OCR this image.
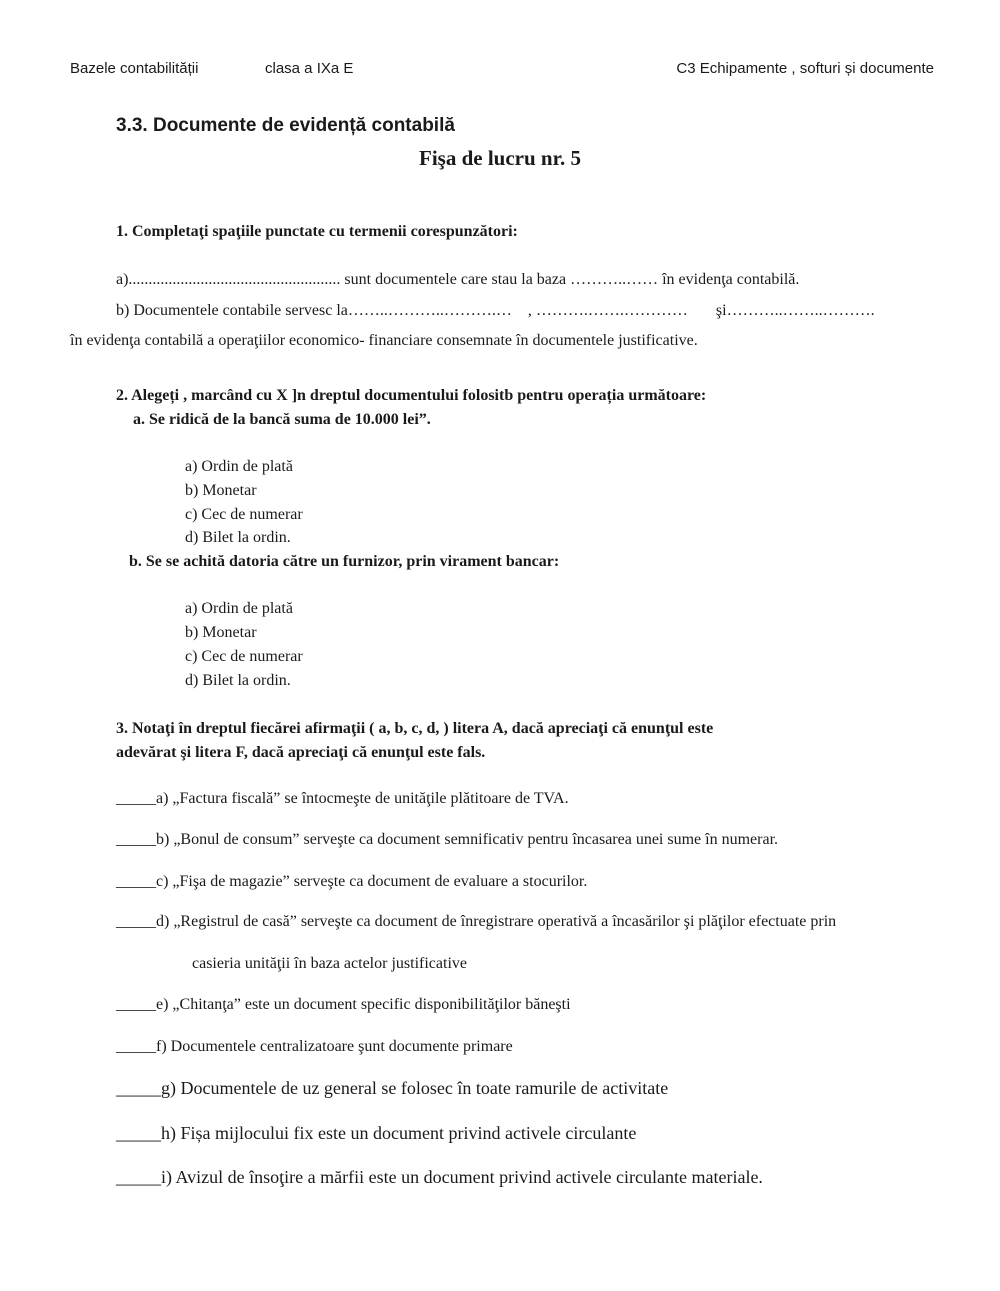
Bazele contabilității	clasa a IXa E	C3 Echipamente , softuri și documente
3.3. Documente de evidență contabilă
Fişa de lucru nr. 5
1. Completaţi spaţiile punctate cu termenii corespunzători:
a)..................................................... sunt documentele care stau la baza ………..…… în evidenţa contabilă.
b) Documentele contabile servesc la……..………..……….…    , ……….…….…………       şi………..……..……….
în evidenţa contabilă a operaţiilor economico- financiare consemnate în documentele justificative.
2. Alegeți , marcând cu X ]n dreptul documentului folositb pentru operația următoare:
a. Se ridică de la bancă suma de 10.000 lei”.
a) Ordin de plată
b) Monetar
c) Cec de numerar
d) Bilet la ordin.
b. Se se achită datoria către un furnizor, prin virament bancar:
a) Ordin de plată
b) Monetar
c) Cec de numerar
d) Bilet la ordin.
3. Notaţi în dreptul fiecărei afirmaţii ( a, b, c, d, ) litera A, dacă apreciaţi că enunţul este
adevărat şi litera F, dacă apreciaţi că enunţul este fals.
_____a) „Factura fiscală” se întocmeşte de unităţile plătitoare de TVA.
_____b) „Bonul de consum” serveşte ca document semnificativ pentru încasarea unei sume în numerar.
_____c) „Fişa de magazie” serveşte ca document de evaluare a stocurilor.
_____d) „Registrul de casă” serveşte ca document de înregistrare operativă a încasărilor şi plăţilor efectuate prin
casieria unităţii în baza actelor justificative
_____e) „Chitanţa” este un document specific disponibilităţilor băneşti
_____f) Documentele centralizatoare şunt documente primare
_____g) Documentele de uz general se folosec în toate ramurile de activitate
_____h) Fișa mijlocului fix este un document privind activele circulante
_____i) Avizul de însoţire a mărfii este un document privind activele circulante materiale.
